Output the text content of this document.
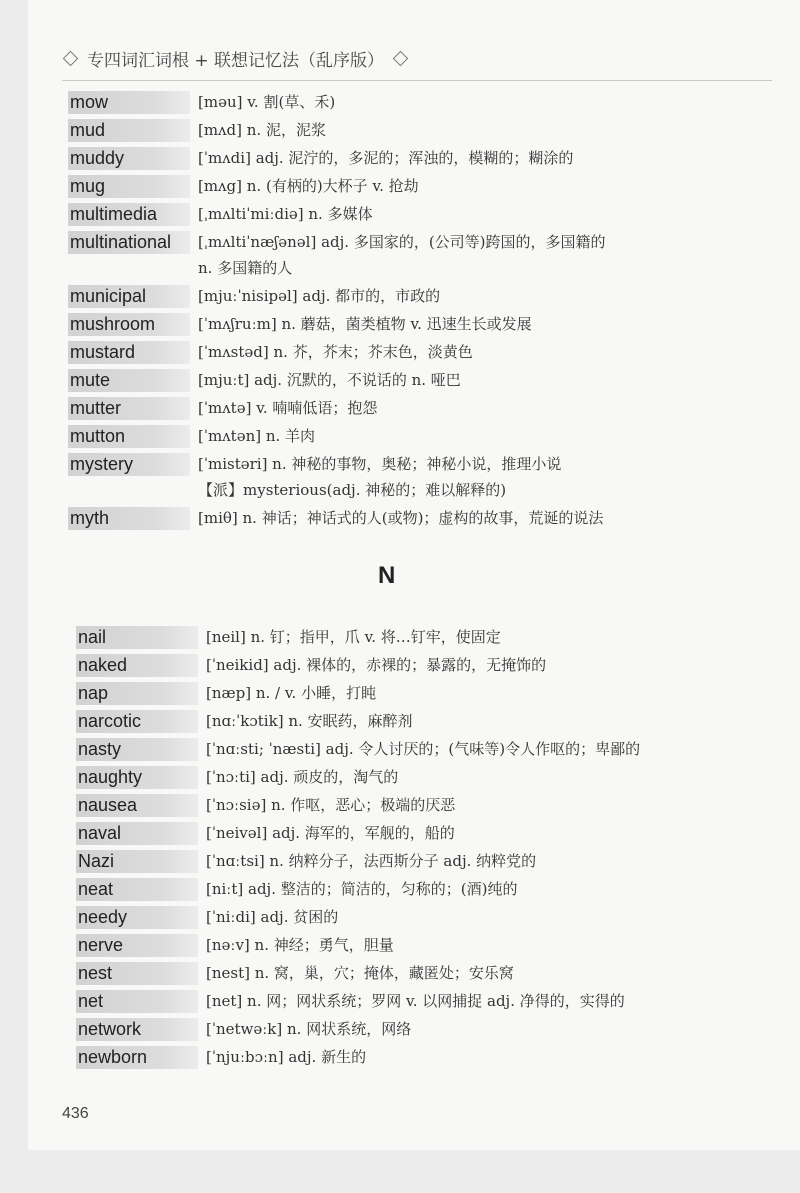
专四词汇词根 + 联想记忆法（乱序版）
mow	[məu] v. 割(草、禾)
mud	[mʌd] n. 泥，泥浆
muddy	[ˈmʌdi] adj. 泥泞的，多泥的；浑浊的，模糊的；糊涂的
mug	[mʌg] n. (有柄的)大杯子 v. 抢劫
multimedia	[ˌmʌltiˈmiːdiə] n. 多媒体
multinational	[ˌmʌltiˈnæʃənəl] adj. 多国家的，(公司等)跨国的，多国籍的
n. 多国籍的人
municipal	[mjuːˈnisipəl] adj. 都市的，市政的
mushroom	[ˈmʌʃruːm] n. 蘑菇，菌类植物 v. 迅速生长或发展
mustard	[ˈmʌstəd] n. 芥，芥末；芥末色，淡黄色
mute	[mjuːt] adj. 沉默的，不说话的 n. 哑巴
mutter	[ˈmʌtə] v. 喃喃低语；抱怨
mutton	[ˈmʌtən] n. 羊肉
mystery	[ˈmistəri] n. 神秘的事物，奥秘；神秘小说，推理小说
【派】mysterious(adj. 神秘的；难以解释的)
myth	[miθ] n. 神话；神话式的人(或物)；虚构的故事，荒诞的说法
N
nail	[neil] n. 钉；指甲，爪 v. 将…钉牢，使固定
naked	[ˈneikid] adj. 裸体的，赤裸的；暴露的，无掩饰的
nap	[næp] n. / v. 小睡，打盹
narcotic	[nɑːˈkɔtik] n. 安眠药，麻醉剂
nasty	[ˈnɑːsti; ˈnæsti] adj. 令人讨厌的；(气味等)令人作呕的；卑鄙的
naughty	[ˈnɔːti] adj. 顽皮的，淘气的
nausea	[ˈnɔːsiə] n. 作呕，恶心；极端的厌恶
naval	[ˈneivəl] adj. 海军的，军舰的，船的
Nazi	[ˈnɑːtsi] n. 纳粹分子，法西斯分子 adj. 纳粹党的
neat	[niːt] adj. 整洁的；简洁的，匀称的；(酒)纯的
needy	[ˈniːdi] adj. 贫困的
nerve	[nəːv] n. 神经；勇气，胆量
nest	[nest] n. 窝，巢，穴；掩体，藏匿处；安乐窝
net	[net] n. 网；网状系统；罗网 v. 以网捕捉 adj. 净得的，实得的
network	[ˈnetwəːk] n. 网状系统，网络
newborn	[ˈnjuːbɔːn] adj. 新生的
436
